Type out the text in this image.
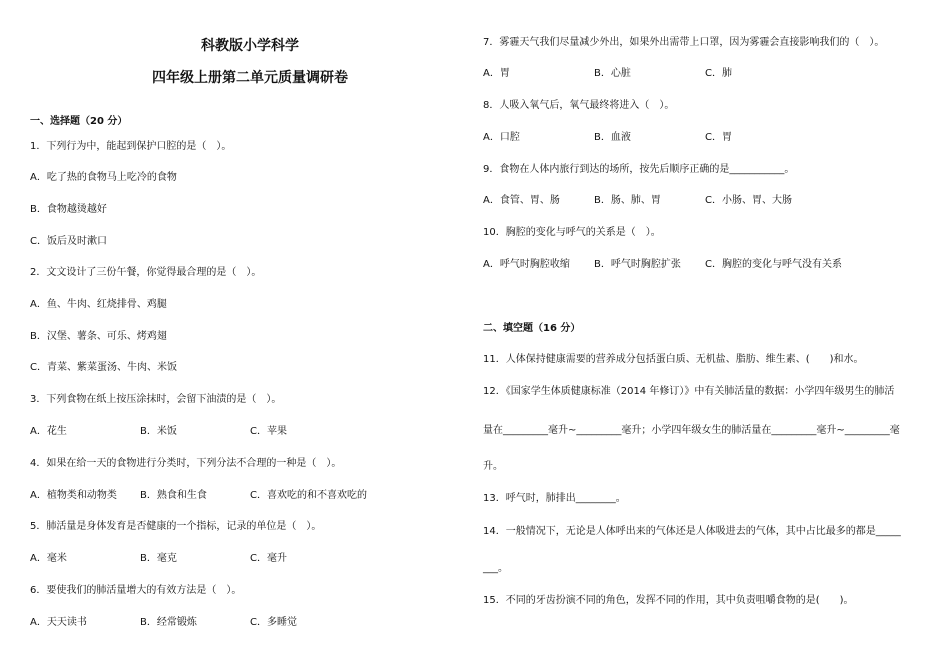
科教版小学科学
四年级上册第二单元质量调研卷
一、选择题（20 分）
1．下列行为中，能起到保护口腔的是（　）。
A．吃了热的食物马上吃冷的食物
B．食物越烫越好
C．饭后及时漱口
2．文文设计了三份午餐，你觉得最合理的是（　）。
A．鱼、牛肉、红烧排骨、鸡腿
B．汉堡、薯条、可乐、烤鸡翅
C．青菜、紫菜蛋汤、牛肉、米饭
3．下列食物在纸上按压涂抹时，会留下油渍的是（　）。
A．花生	B．米饭	C．苹果
4．如果在给一天的食物进行分类时，下列分法不合理的一种是（　）。
A．植物类和动物类 B．熟食和生食	C．喜欢吃的和不喜欢吃的
5．肺活量是身体发育是否健康的一个指标，记录的单位是（　）。
A．毫米	B．毫克	C．毫升
6．要使我们的肺活量增大的有效方法是（　）。
A．天天读书	B．经常锻炼	C．多睡觉
7．雾霾天气我们尽量减少外出，如果外出需带上口罩，因为雾霾会直接影响我们的（　）。
A．胃	B．心脏	C．肺
8．人吸入氧气后，氧气最终将进入（　）。
A．口腔	B．血液	C．胃
9．食物在人体内旅行到达的场所，按先后顺序正确的是___________。
A．食管、胃、肠	B．肠、肺、胃	C．小肠、胃、大肠
10．胸腔的变化与呼气的关系是（　）。
A．呼气时胸腔收缩 B．呼气时胸腔扩张 C．胸腔的变化与呼气没有关系
二、填空题（16 分）
11．人体保持健康需要的营养成分包括蛋白质、无机盐、脂肪、维生素、(　　)和水。
12．《国家学生体质健康标准（2014 年修订）》中有关肺活量的数据：小学四年级男生的肺活
量在_________毫升~_________毫升；小学四年级女生的肺活量在_________毫升~_________毫
升。
13．呼气时，肺排出________。
14．一般情况下，无论是人体呼出来的气体还是人体吸进去的气体，其中占比最多的都是_____
___。
15．不同的牙齿扮演不同的角色，发挥不同的作用，其中负责咀嚼食物的是(　　)。
